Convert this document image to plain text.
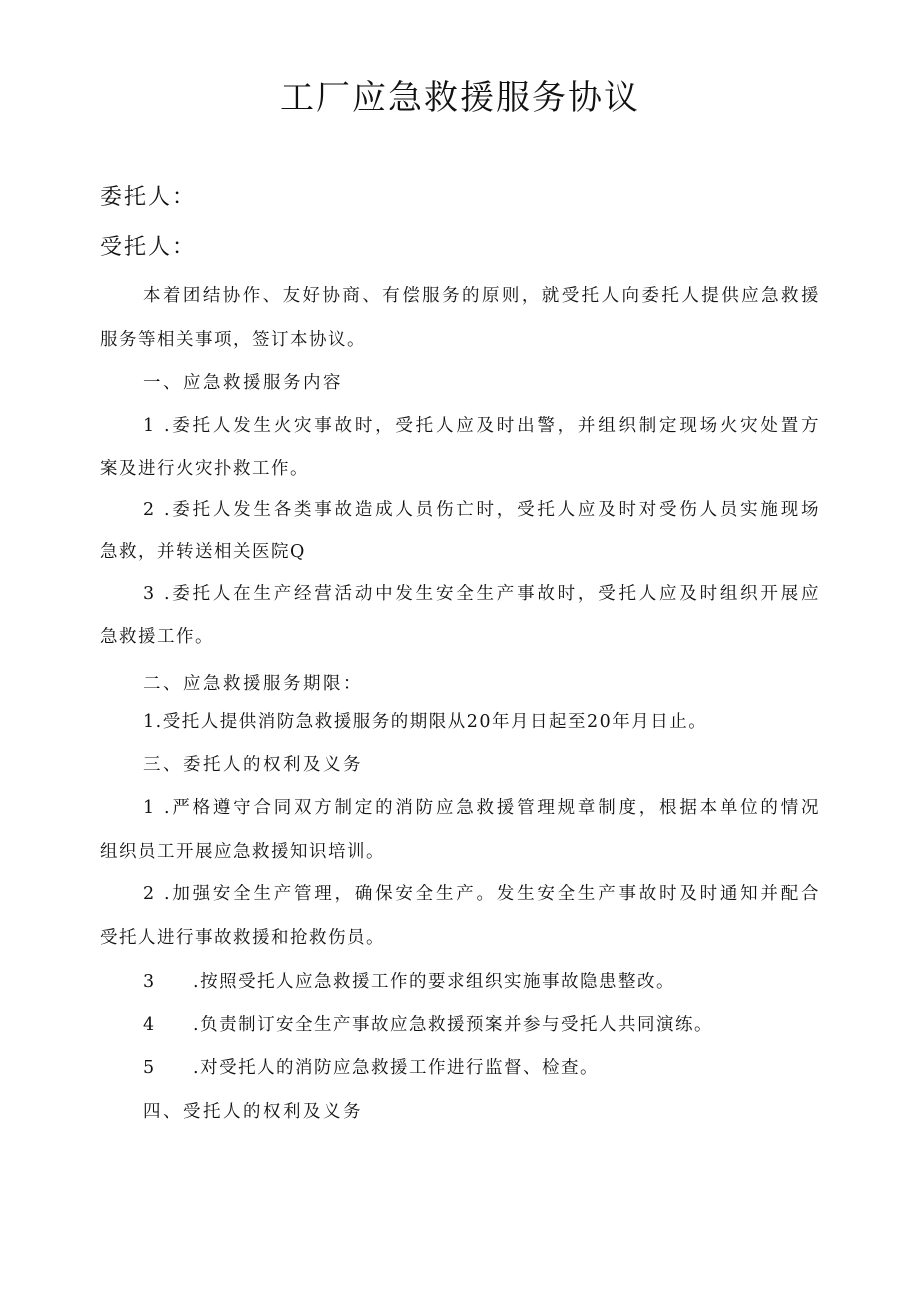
工厂应急救援服务协议
委托人：
受托人：
本着团结协作、友好协商、有偿服务的原则，就受托人向委托人提供应急救援
服务等相关事项，签订本协议。
一、应急救援服务内容
1 .委托人发生火灾事故时，受托人应及时出警，并组织制定现场火灾处置方
案及进行火灾扑救工作。
2 .委托人发生各类事故造成人员伤亡时，受托人应及时对受伤人员实施现场
急救，并转送相关医院Q
3 .委托人在生产经营活动中发生安全生产事故时，受托人应及时组织开展应
急救援工作。
二、应急救援服务期限：
1.受托人提供消防急救援服务的期限从20年月日起至20年月日止。
三、委托人的权利及义务
1 .严格遵守合同双方制定的消防应急救援管理规章制度，根据本单位的情况
组织员工开展应急救援知识培训。
2 .加强安全生产管理，确保安全生产。发生安全生产事故时及时通知并配合
受托人进行事故救援和抢救伤员。
3 .按照受托人应急救援工作的要求组织实施事故隐患整改。
4 .负责制订安全生产事故应急救援预案并参与受托人共同演练。
5 .对受托人的消防应急救援工作进行监督、检查。
四、受托人的权利及义务
